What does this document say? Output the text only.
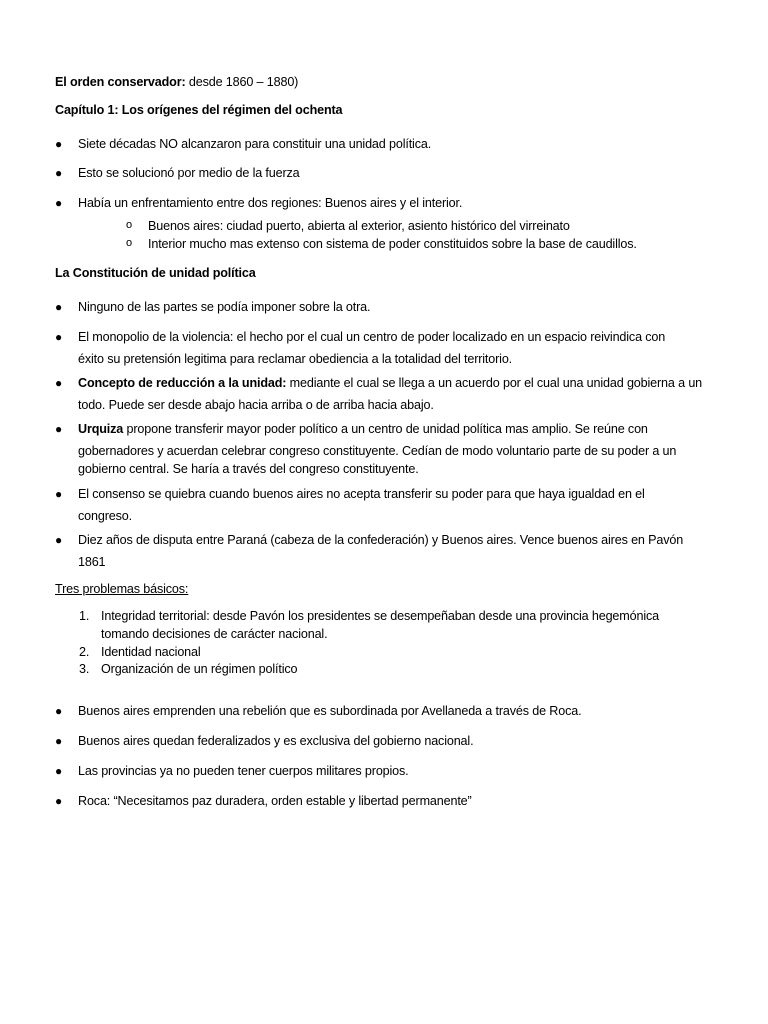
El orden conservador: desde 1860 – 1880)
Capítulo 1: Los orígenes del régimen del ochenta
● Siete décadas NO alcanzaron para constituir una unidad política.
● Esto se solucionó por medio de la fuerza
● Había un enfrentamiento entre dos regiones: Buenos aires y el interior.
o Buenos aires: ciudad puerto, abierta al exterior, asiento histórico del virreinato
o Interior mucho mas extenso con sistema de poder constituidos sobre la base de caudillos.
La Constitución de unidad política
● Ninguno de las partes se podía imponer sobre la otra.
● El monopolio de la violencia: el hecho por el cual un centro de poder localizado en un espacio reivindica con
éxito su pretensión legitima para reclamar obediencia a la totalidad del territorio.
● Concepto de reducción a la unidad: mediante el cual se llega a un acuerdo por el cual una unidad gobierna a un
todo. Puede ser desde abajo hacia arriba o de arriba hacia abajo.
● Urquiza propone transferir mayor poder político a un centro de unidad política mas amplio. Se reúne con
gobernadores y acuerdan celebrar congreso constituyente. Cedían de modo voluntario parte de su poder a un
gobierno central. Se haría a través del congreso constituyente.
● El consenso se quiebra cuando buenos aires no acepta transferir su poder para que haya igualdad en el
congreso.
● Diez años de disputa entre Paraná (cabeza de la confederación) y Buenos aires. Vence buenos aires en Pavón
1861
Tres problemas básicos:
1. Integridad territorial: desde Pavón los presidentes se desempeñaban desde una provincia hegemónica
tomando decisiones de carácter nacional.
2. Identidad nacional
3. Organización de un régimen político
● Buenos aires emprenden una rebelión que es subordinada por Avellaneda a través de Roca.
● Buenos aires quedan federalizados y es exclusiva del gobierno nacional.
● Las provincias ya no pueden tener cuerpos militares propios.
● Roca: “Necesitamos paz duradera, orden estable y libertad permanente”
